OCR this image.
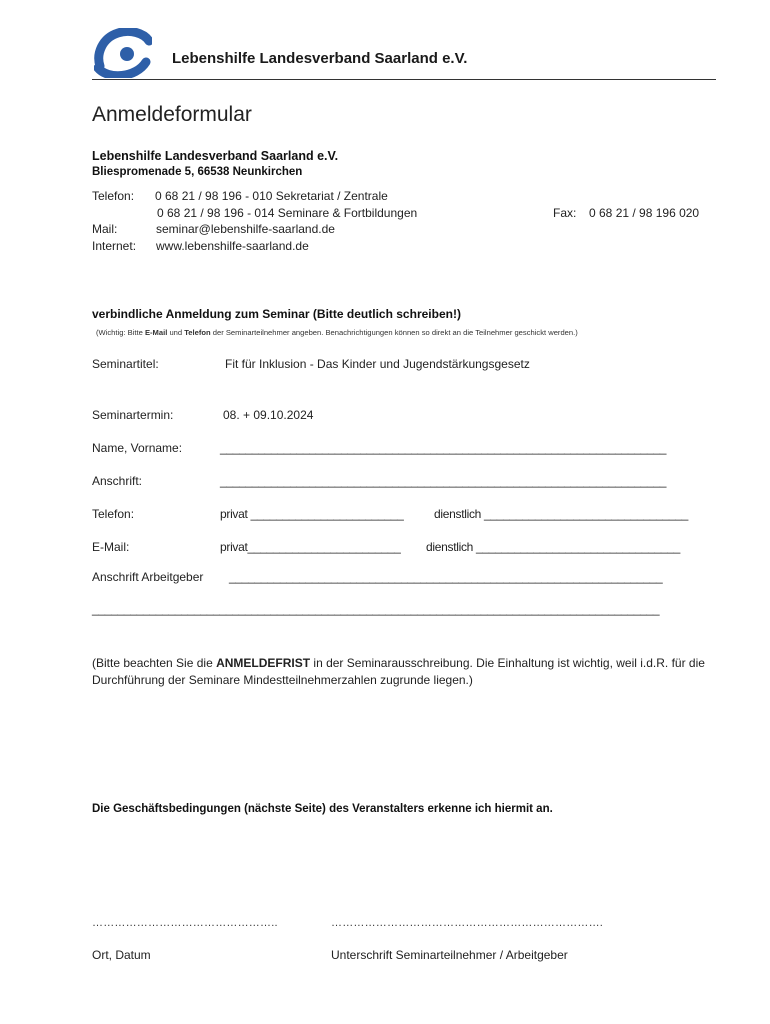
Lebenshilfe Landesverband Saarland e.V.
Anmeldeformular
Lebenshilfe Landesverband Saarland e.V.
Bliespromenade 5, 66538 Neunkirchen
Telefon: 0 68 21 / 98 196 - 010 Sekretariat / Zentrale
0 68 21 / 98 196 - 014 Seminare & Fortbildungen	Fax: 0 68 21 / 98 196 020
Mail:	seminar@lebenshilfe-saarland.de
Internet: www.lebenshilfe-saarland.de
verbindliche Anmeldung zum Seminar (Bitte deutlich schreiben!)
(Wichtig: Bitte E-Mail und Telefon der Seminarteilnehmer angeben. Benachrichtigungen können so direkt an die Teilnehmer geschickt werden.)
Seminartitel:	Fit für Inklusion - Das Kinder und Jugendstärkungsgesetz
Seminartermin:	08. + 09.10.2024
Name, Vorname:	______________________________________________________________________
Anschrift:	______________________________________________________________________
Telefon:	privat ________________________	dienstlich ________________________________
E-Mail:	privat________________________ dienstlich ________________________________
Anschrift Arbeitgeber ____________________________________________________________________
_________________________________________________________________________________________
(Bitte beachten Sie die ANMELDEFRIST in der Seminarausschreibung. Die Einhaltung ist wichtig, weil i.d.R. für die Durchführung der Seminare Mindestteilnehmerzahlen zugrunde liegen.)
Die Geschäftsbedingungen (nächste Seite) des Veranstalters erkenne ich hiermit an.
…………………………………………..	……………………………………………………………….
Ort, Datum	Unterschrift Seminarteilnehmer / Arbeitgeber
